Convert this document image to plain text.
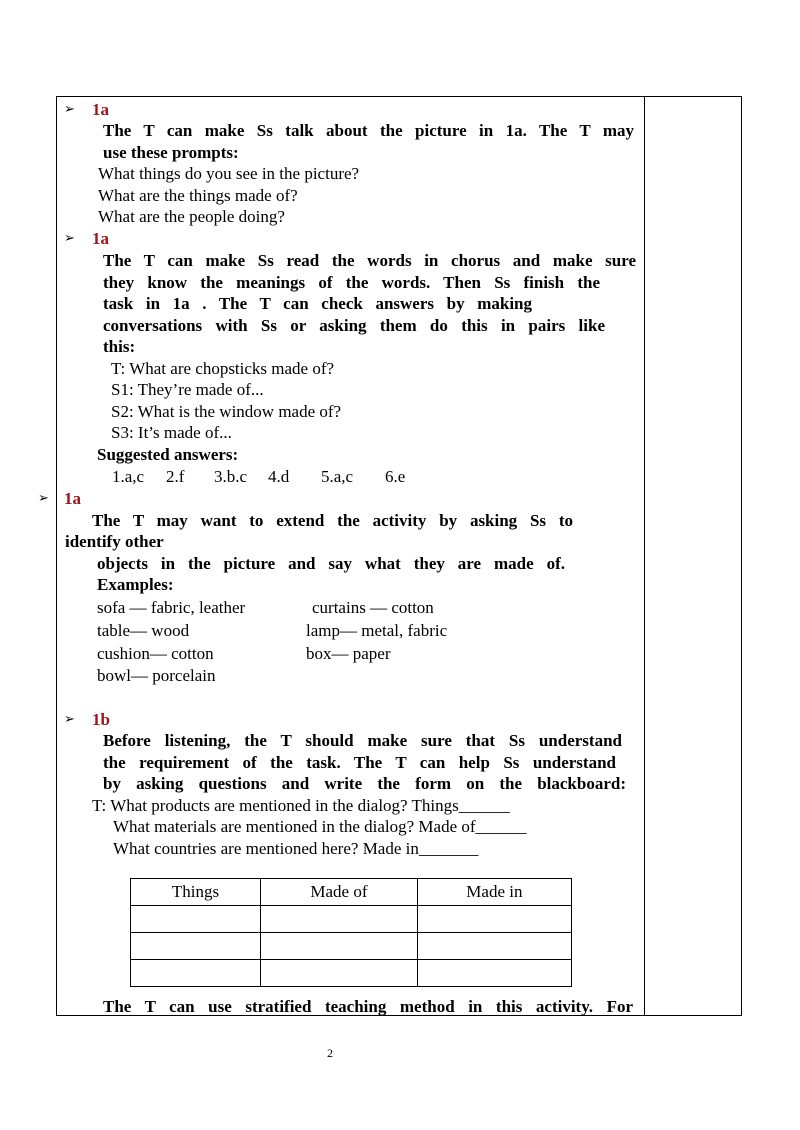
➢ 1a
The T can make Ss talk about the picture in 1a. The T may
use these prompts:
What things do you see in the picture?
What are the things made of?
What are the people doing?
➢ 1a
The T can make Ss read the words in chorus and make sure
they know the meanings of the words. Then Ss finish the
task in 1a . The T can check answers by making
conversations with Ss or asking them do this in pairs like
this:
T: What are chopsticks made of?
S1: They’re made of...
S2: What is the window made of?
S3: It’s made of...
Suggested answers:
1.a,c 2.f 3.b.c 4.d 5.a,c 6.e
➢ 1a
The T may want to extend the activity by asking Ss to
identify other
objects in the picture and say what they are made of.
Examples:
sofa — fabric, leather	curtains — cotton
table— wood	lamp— metal, fabric
cushion— cotton	box— paper
bowl— porcelain
➢ 1b
Before listening, the T should make sure that Ss understand
the requirement of the task. The T can help Ss understand
by asking questions and write the form on the blackboard:
T: What products are mentioned in the dialog? Things______
What materials are mentioned in the dialog? Made of______
What countries are mentioned here? Made in_______
Things	Made of	Made in

The T can use stratified teaching method in this activity. For
2
